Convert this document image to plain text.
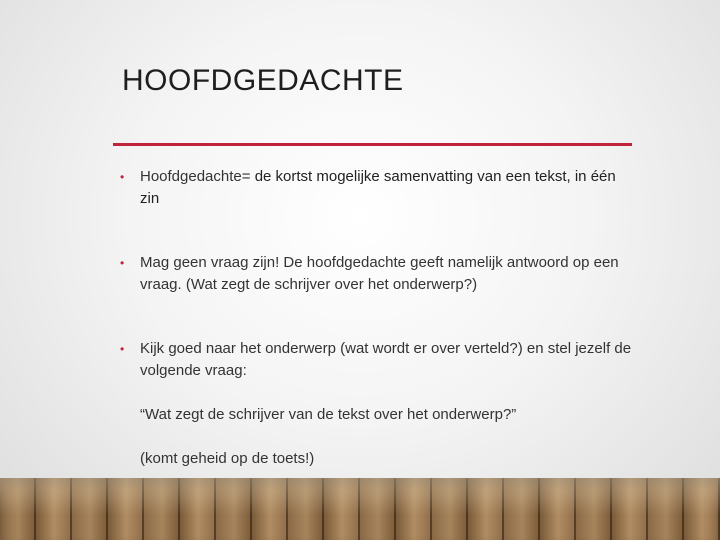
HOOFDGEDACHTE

• Hoofdgedachte= de kortst mogelijke samenvatting van een tekst, in één zin

• Mag geen vraag zijn! De hoofdgedachte geeft namelijk antwoord op een vraag. (Wat zegt de schrijver over het onderwerp?)

• Kijk goed naar het onderwerp (wat wordt er over verteld?) en stel jezelf de volgende vraag:

“Wat zegt de schrijver van de tekst over het onderwerp?”

(komt geheid op de toets!)
